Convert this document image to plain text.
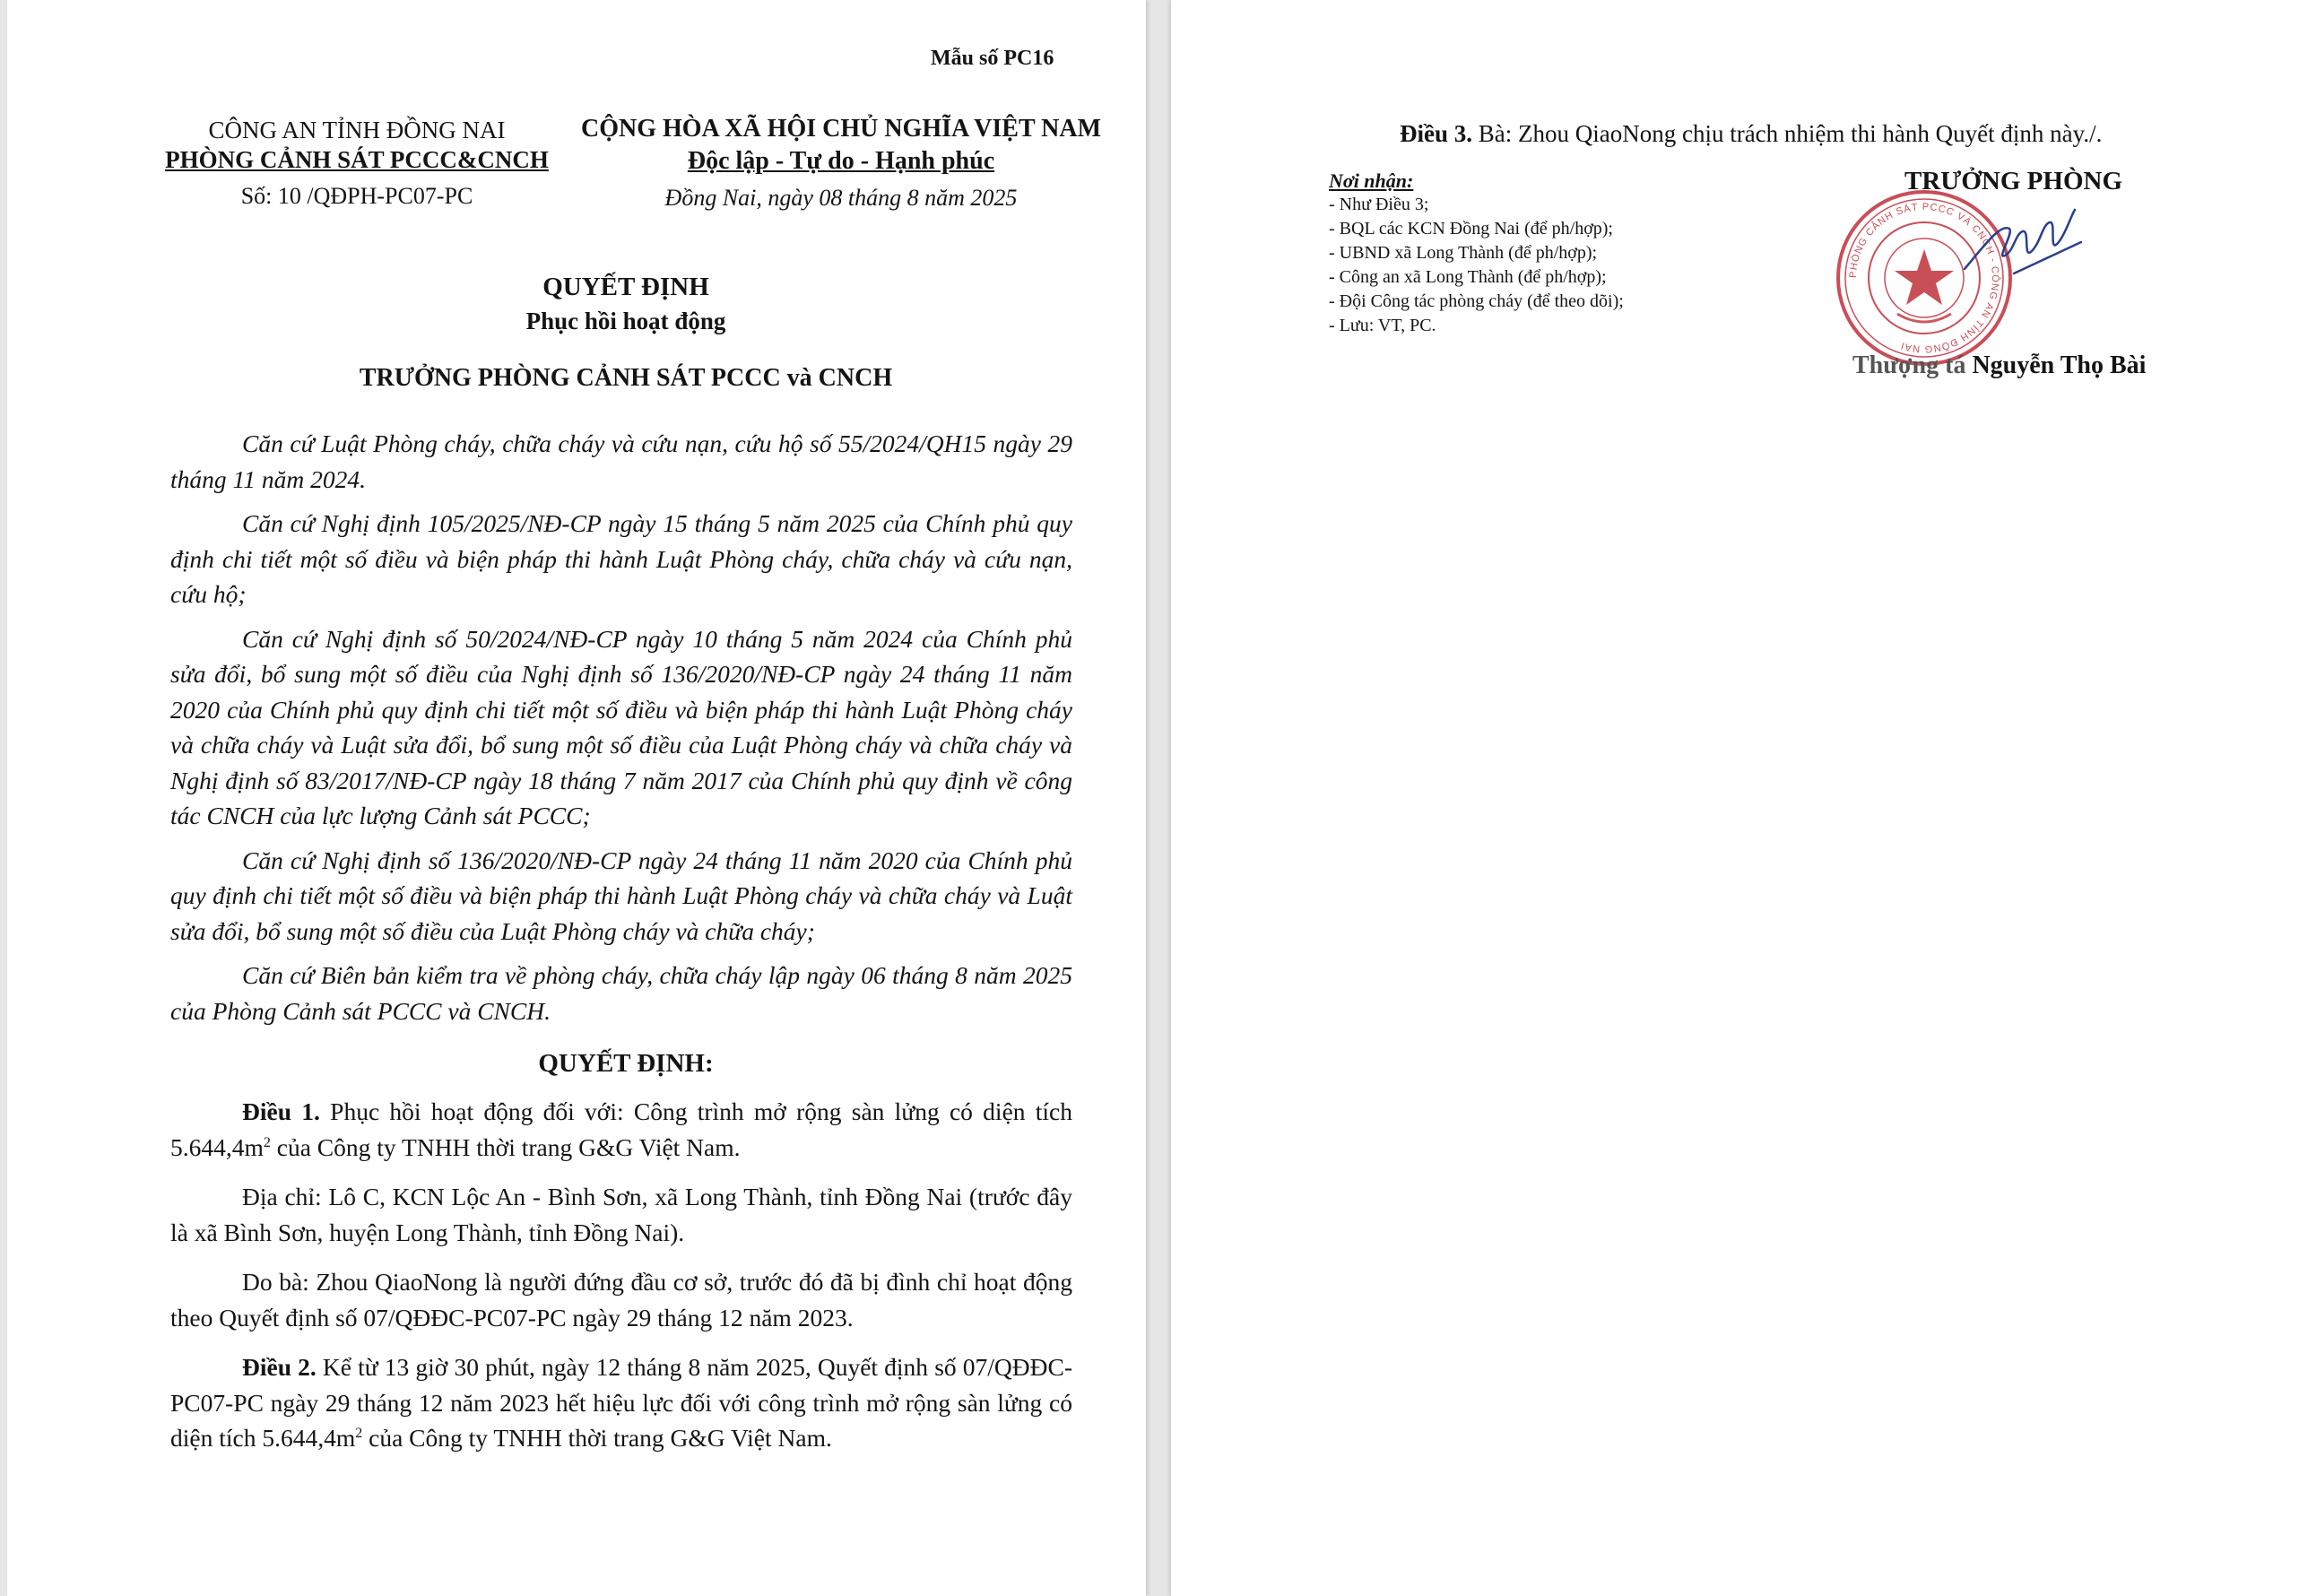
Mẫu số PC16
CÔNG AN TỈNH ĐỒNG NAI
PHÒNG CẢNH SÁT PCCC&CNCH
Số: 10 /QĐPH-PC07-PC
CỘNG HÒA XÃ HỘI CHỦ NGHĨA VIỆT NAM
Độc lập - Tự do - Hạnh phúc
Đồng Nai, ngày 08 tháng 8 năm 2025
QUYẾT ĐỊNH
Phục hồi hoạt động
TRƯỞNG PHÒNG CẢNH SÁT PCCC và CNCH

Căn cứ Luật Phòng cháy, chữa cháy và cứu nạn, cứu hộ số 55/2024/QH15 ngày 29 tháng 11 năm 2024.

Căn cứ Nghị định 105/2025/NĐ-CP ngày 15 tháng 5 năm 2025 của Chính phủ quy định chi tiết một số điều và biện pháp thi hành Luật Phòng cháy, chữa cháy và cứu nạn, cứu hộ;

Căn cứ Nghị định số 50/2024/NĐ-CP ngày 10 tháng 5 năm 2024 của Chính phủ sửa đổi, bổ sung một số điều của Nghị định số 136/2020/NĐ-CP ngày 24 tháng 11 năm 2020 của Chính phủ quy định chi tiết một số điều và biện pháp thi hành Luật Phòng cháy và chữa cháy và Luật sửa đổi, bổ sung một số điều của Luật Phòng cháy và chữa cháy và Nghị định số 83/2017/NĐ-CP ngày 18 tháng 7 năm 2017 của Chính phủ quy định về công tác CNCH của lực lượng Cảnh sát PCCC;

Căn cứ Nghị định số 136/2020/NĐ-CP ngày 24 tháng 11 năm 2020 của Chính phủ quy định chi tiết một số điều và biện pháp thi hành Luật Phòng cháy và chữa cháy và Luật sửa đổi, bổ sung một số điều của Luật Phòng cháy và chữa cháy;

Căn cứ Biên bản kiểm tra về phòng cháy, chữa cháy lập ngày 06 tháng 8 năm 2025 của Phòng Cảnh sát PCCC và CNCH.

QUYẾT ĐỊNH:

Điều 1. Phục hồi hoạt động đối với: Công trình mở rộng sàn lửng có diện tích $5.644,4m^2$ của Công ty TNHH thời trang G&G Việt Nam.

Địa chỉ: Lô C, KCN Lộc An - Bình Sơn, xã Long Thành, tỉnh Đồng Nai (trước đây là xã Bình Sơn, huyện Long Thành, tỉnh Đồng Nai).

Do bà: Zhou QiaoNong là người đứng đầu cơ sở, trước đó đã bị đình chỉ hoạt động theo Quyết định số 07/QĐĐC-PC07-PC ngày 29 tháng 12 năm 2023.

Điều 2. Kể từ 13 giờ 30 phút, ngày 12 tháng 8 năm 2025, Quyết định số 07/QĐĐC-PC07-PC ngày 29 tháng 12 năm 2023 hết hiệu lực đối với công trình mở rộng sàn lửng có diện tích $5.644,4m^2$ của Công ty TNHH thời trang G&G Việt Nam.

Điều 3. Bà: Zhou QiaoNong chịu trách nhiệm thi hành Quyết định này./.
Nơi nhận:
- Như Điều 3;
- BQL các KCN Đồng Nai (để ph/hợp);
- UBND xã Long Thành (để ph/hợp);
- Công an xã Long Thành (để ph/hợp);
- Đội Công tác phòng cháy (để theo dõi);
- Lưu: VT, PC.
TRƯỞNG PHÒNG
PHÒNG CẢNH SÁT PCCC VÀ CNCH - CÔNG AN TỈNH ĐỒNG NAI
Thượng tá Nguyễn Thọ Bài
